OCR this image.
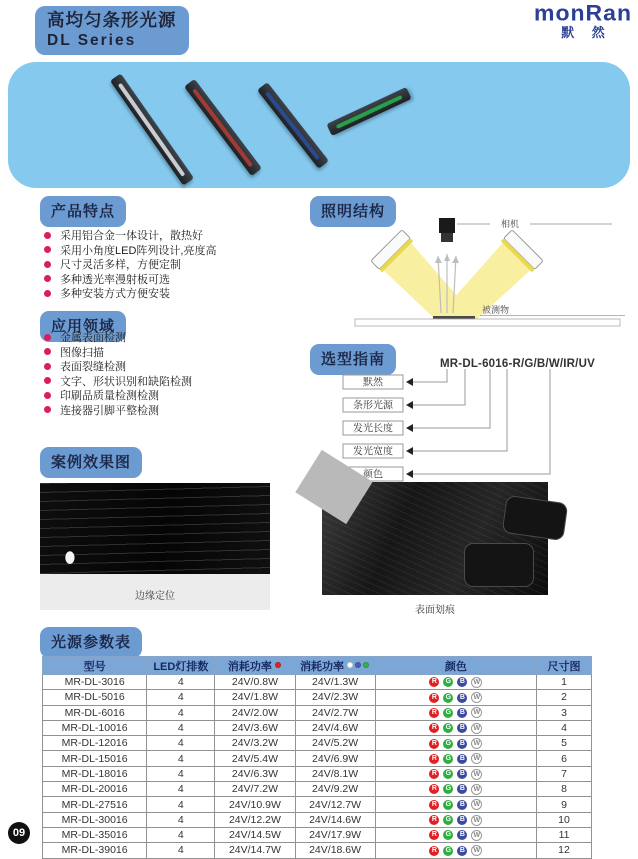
高均匀条形光源
DL Series
monRan
默 然
产品特点
应用领域
案例效果图
照明结构
选型指南
光源参数表
采用铝合金一体设计，散热好
采用小角度LED阵列设计,亮度高
尺寸灵活多样，方便定制
多种透光率漫射板可选
多种安装方式方便安装
金属表面检测
图像扫描
表面裂缝检测
文字、形状识别和缺陷检测
印刷品质量检测检测
连接器引脚平整检测
相机
被测物
MR-DL-6016-R/G/B/W/IR/UV
默然
条形光源
发光长度
发光宽度
颜色
边缘定位
表面划痕
型号	LED灯排数	消耗功率	消耗功率	颜色	尺寸图
MR-DL-3016	4	24V/0.8W	24V/1.3W	R G B W	1
MR-DL-5016	4	24V/1.8W	24V/2.3W	R G B W	2
MR-DL-6016	4	24V/2.0W	24V/2.7W	R G B W	3
MR-DL-10016	4	24V/3.6W	24V/4.6W	R G B W	4
MR-DL-12016	4	24V/3.2W	24V/5.2W	R G B W	5
MR-DL-15016	4	24V/5.4W	24V/6.9W	R G B W	6
MR-DL-18016	4	24V/6.3W	24V/8.1W	R G B W	7
MR-DL-20016	4	24V/7.2W	24V/9.2W	R G B W	8
MR-DL-27516	4	24V/10.9W	24V/12.7W	R G B W	9
MR-DL-30016	4	24V/12.2W	24V/14.6W	R G B W	10
MR-DL-35016	4	24V/14.5W	24V/17.9W	R G B W	11
MR-DL-39016	4	24V/14.7W	24V/18.6W	R G B W	12
09
